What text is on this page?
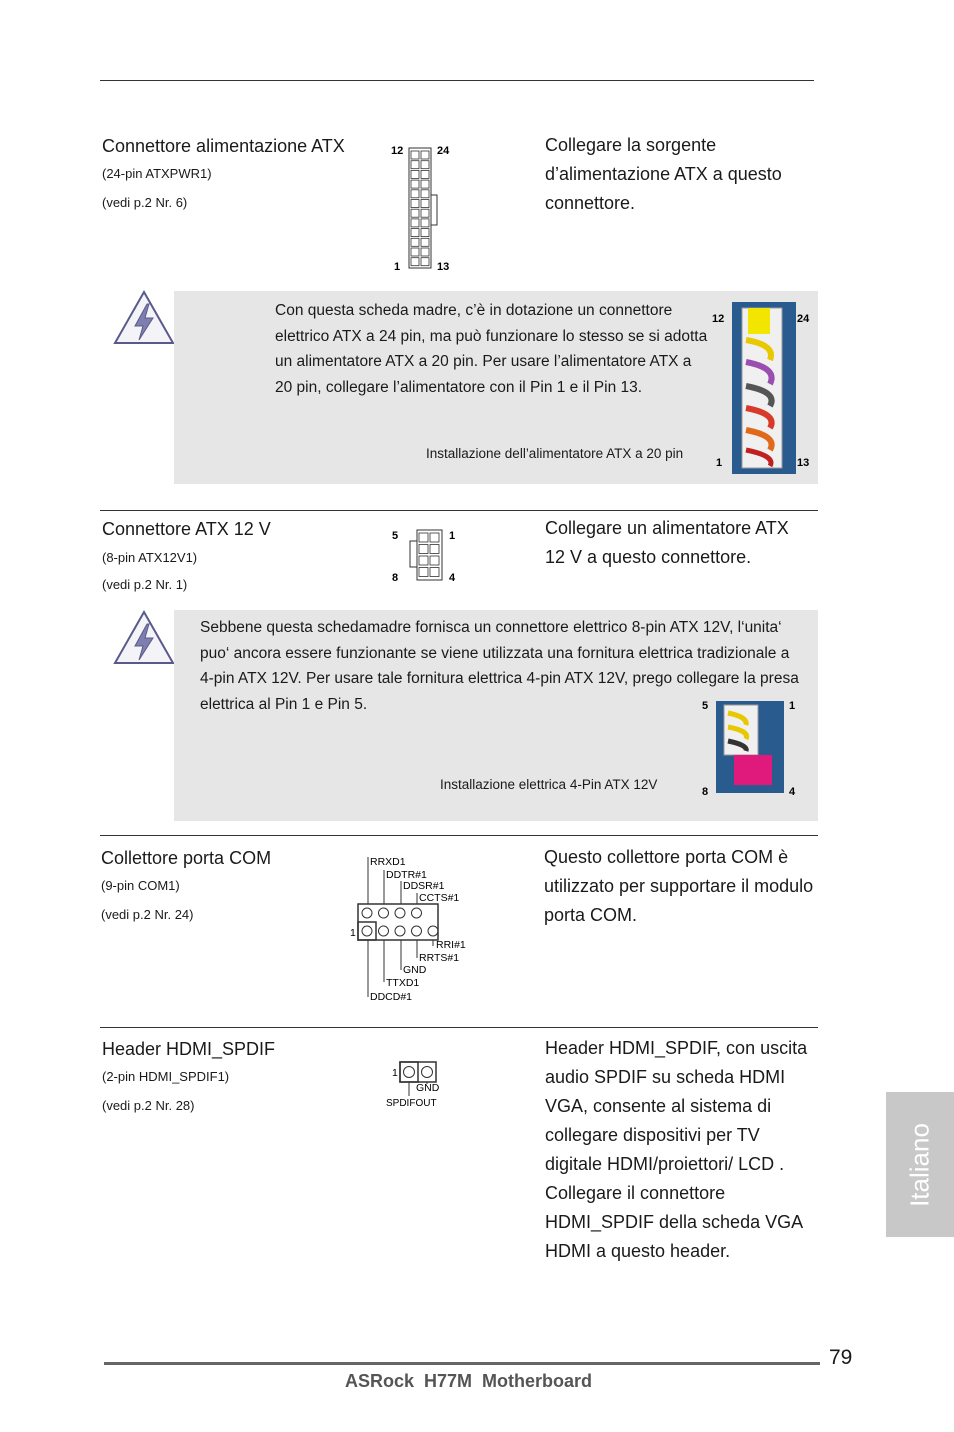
Connettore alimentazione ATX
(24-pin ATXPWR1)
(vedi p.2 Nr. 6)
12	24
1	13
Collegare la sorgente d’alimentazione ATX a questo connettore.
Con questa scheda madre, c’è in dotazione un connettore elettrico ATX a 24 pin, ma può funzionare lo stesso se si adotta un alimentatore ATX a 20 pin. Per usare l’alimentatore ATX a 20 pin, collegare l’alimentatore con il Pin 1 e il Pin 13.
Installazione dell’alimentatore ATX a 20 pin
12	24
1	13
Connettore ATX 12 V
(8-pin ATX12V1)
(vedi p.2 Nr. 1)
5	1
8	4
Collegare un alimentatore ATX 12 V a questo connettore.
Sebbene questa schedamadre fornisca un connettore elettrico 8-pin ATX 12V, l‘unita‘ puo‘ ancora essere funzionante se viene utilizzata una fornitura elettrica tradizionale a 4-pin ATX 12V. Per usare tale fornitura elettrica 4-pin ATX 12V, prego collegare la presa elettrica al Pin 1 e Pin 5.
Installazione elettrica 4-Pin ATX 12V
5	1
8	4
Collettore porta COM
(9-pin COM1)
(vedi p.2 Nr. 24)
RRXD1
DDTR#1
DDSR#1
CCTS#1
1
RRI#1
RRTS#1
GND
TTXD1
DDCD#1
Questo collettore porta COM è utilizzato per supportare il modulo porta COM.
Header HDMI_SPDIF
(2-pin HDMI_SPDIF1)
(vedi p.2 Nr. 28)
1
GND
SPDIFOUT
Header HDMI_SPDIF, con uscita audio SPDIF su scheda HDMI VGA, consente al sistema di collegare dispositivi per TV digitale HDMI/proiettori/ LCD . Collegare il connettore HDMI_SPDIF della scheda VGA HDMI a questo header.
Italiano
79
ASRock  H77M  Motherboard
